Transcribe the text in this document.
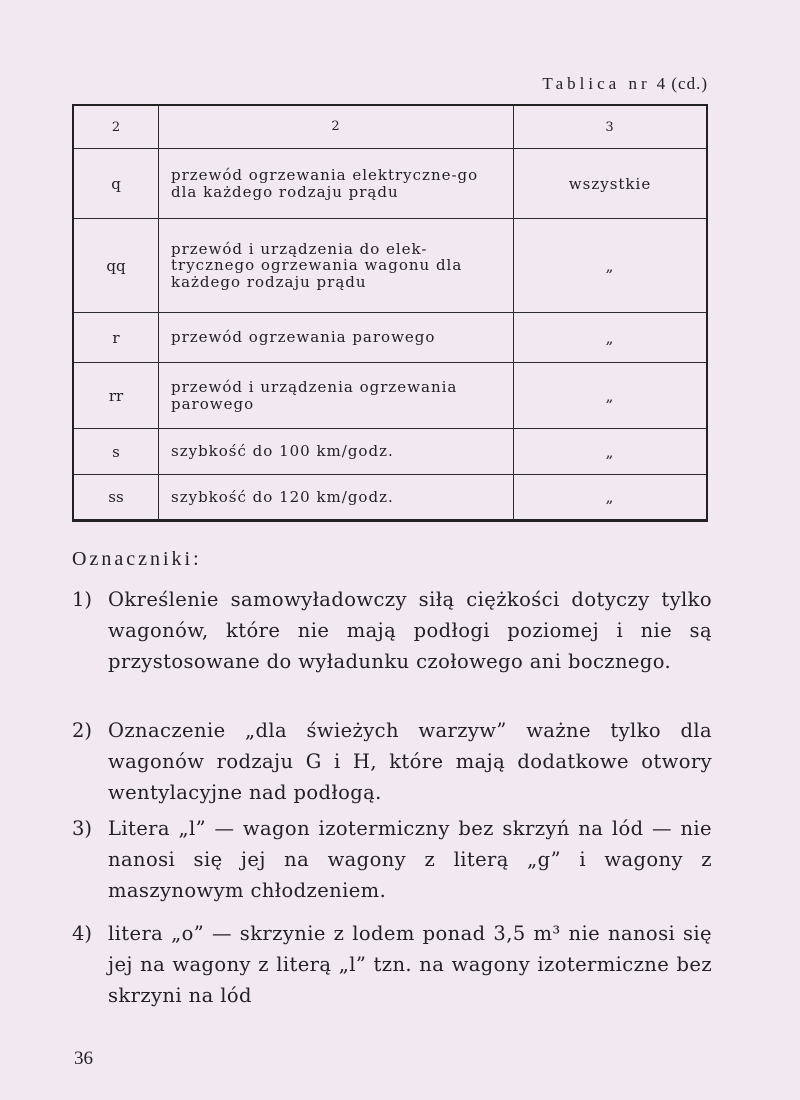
Tablica nr 4 (cd.)
2	2	3
q	przewód ogrzewania elektryczne-go dla każdego rodzaju prądu	wszystkie
qq	przewód i urządzenia do elek-trycznego ogrzewania wagonu dla każdego rodzaju prądu	„
r	przewód ogrzewania parowego	„
rr	przewód i urządzenia ogrzewania parowego	„
s	szybkość do 100 km/godz.	„
ss	szybkość do 120 km/godz.	„
Oznaczniki:
1) Określenie samowyładowczy siłą ciężkości dotyczy tylko wagonów, które nie mają podłogi poziomej i nie są przystosowane do wyładunku czołowego ani bocznego.
2) Oznaczenie „dla świeżych warzyw” ważne tylko dla wagonów rodzaju G i H, które mają dodatkowe otwory wentylacyjne nad podłogą.
3) Litera „l” — wagon izotermiczny bez skrzyń na lód — nie nanosi się jej na wagony z literą „g” i wagony z maszynowym chłodzeniem.
4) litera „o” — skrzynie z lodem ponad 3,5 m³ nie nanosi się jej na wagony z literą „l” tzn. na wagony izotermiczne bez skrzyni na lód
36
